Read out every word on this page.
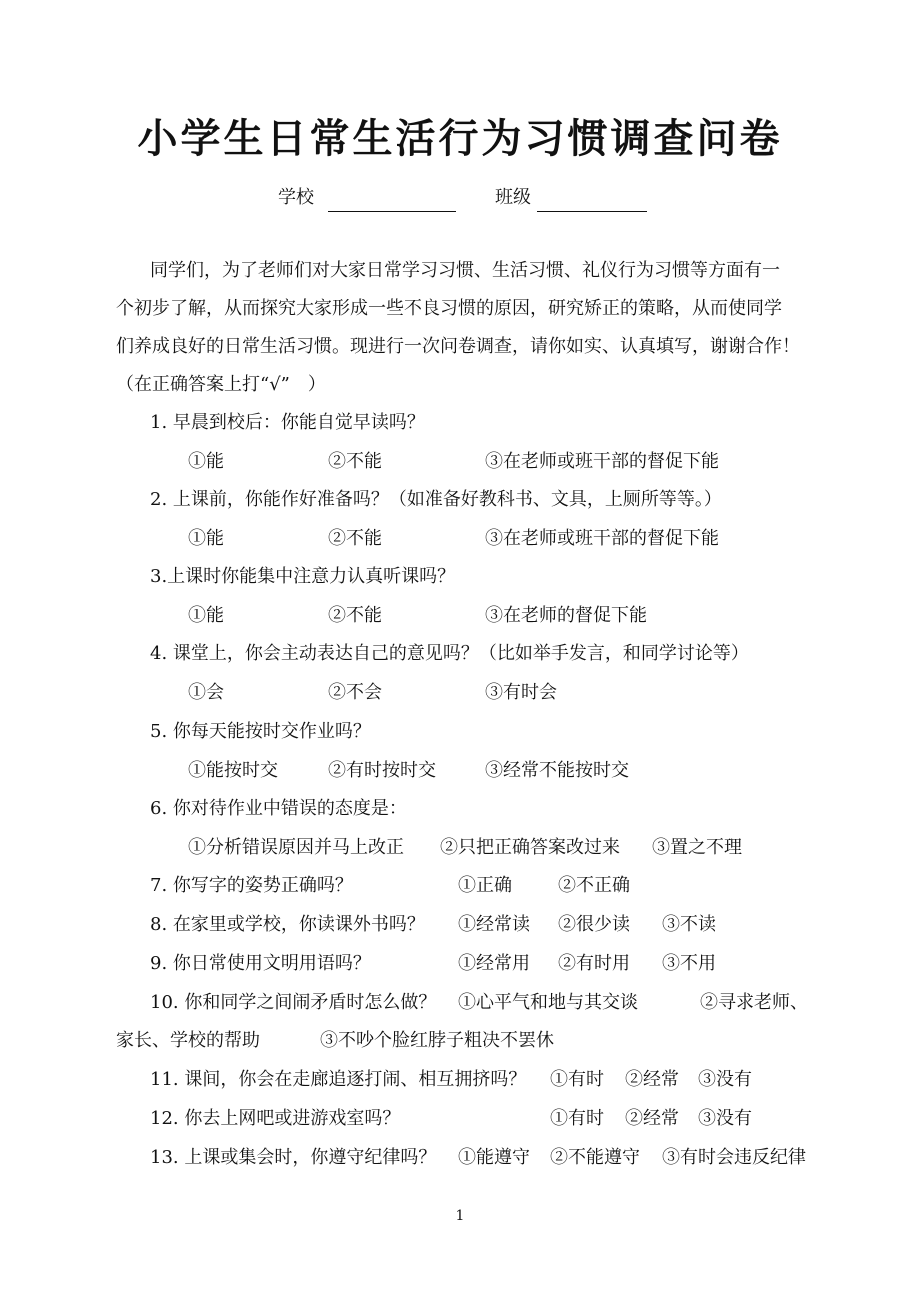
小学生日常生活行为习惯调查问卷
学校	班级
同学们，为了老师们对大家日常学习习惯、生活习惯、礼仪行为习惯等方面有一
个初步了解，从而探究大家形成一些不良习惯的原因，研究矫正的策略，从而使同学
们养成良好的日常生活习惯。现进行一次问卷调查，请你如实、认真填写，谢谢合作！
（在正确答案上打“√”　）
1. 早晨到校后：你能自觉早读吗？
①能	②不能	③在老师或班干部的督促下能
2. 上课前，你能作好准备吗？（如准备好教科书、文具，上厕所等等。）
①能	②不能	③在老师或班干部的督促下能
3.上课时你能集中注意力认真听课吗？
①能	②不能	③在老师的督促下能
4. 课堂上，你会主动表达自己的意见吗？（比如举手发言，和同学讨论等）
①会	②不会	③有时会
5. 你每天能按时交作业吗？
①能按时交	②有时按时交	③经常不能按时交
6. 你对待作业中错误的态度是：
①分析错误原因并马上改正 ②只把正确答案改过来 ③置之不理
7. 你写字的姿势正确吗？	①正确	②不正确
8. 在家里或学校，你读课外书吗？ ①经常读 ②很少读 ③不读
9. 你日常使用文明用语吗？	①经常用 ②有时用 ③不用
10. 你和同学之间闹矛盾时怎么做？ ①心平气和地与其交谈	②寻求老师、
家长、学校的帮助	③不吵个脸红脖子粗决不罢休
11. 课间，你会在走廊追逐打闹、相互拥挤吗？ ①有时 ②经常 ③没有
12. 你去上网吧或进游戏室吗？	①有时 ②经常 ③没有
13. 上课或集会时，你遵守纪律吗？ ①能遵守 ②不能遵守 ③有时会违反纪律
1
